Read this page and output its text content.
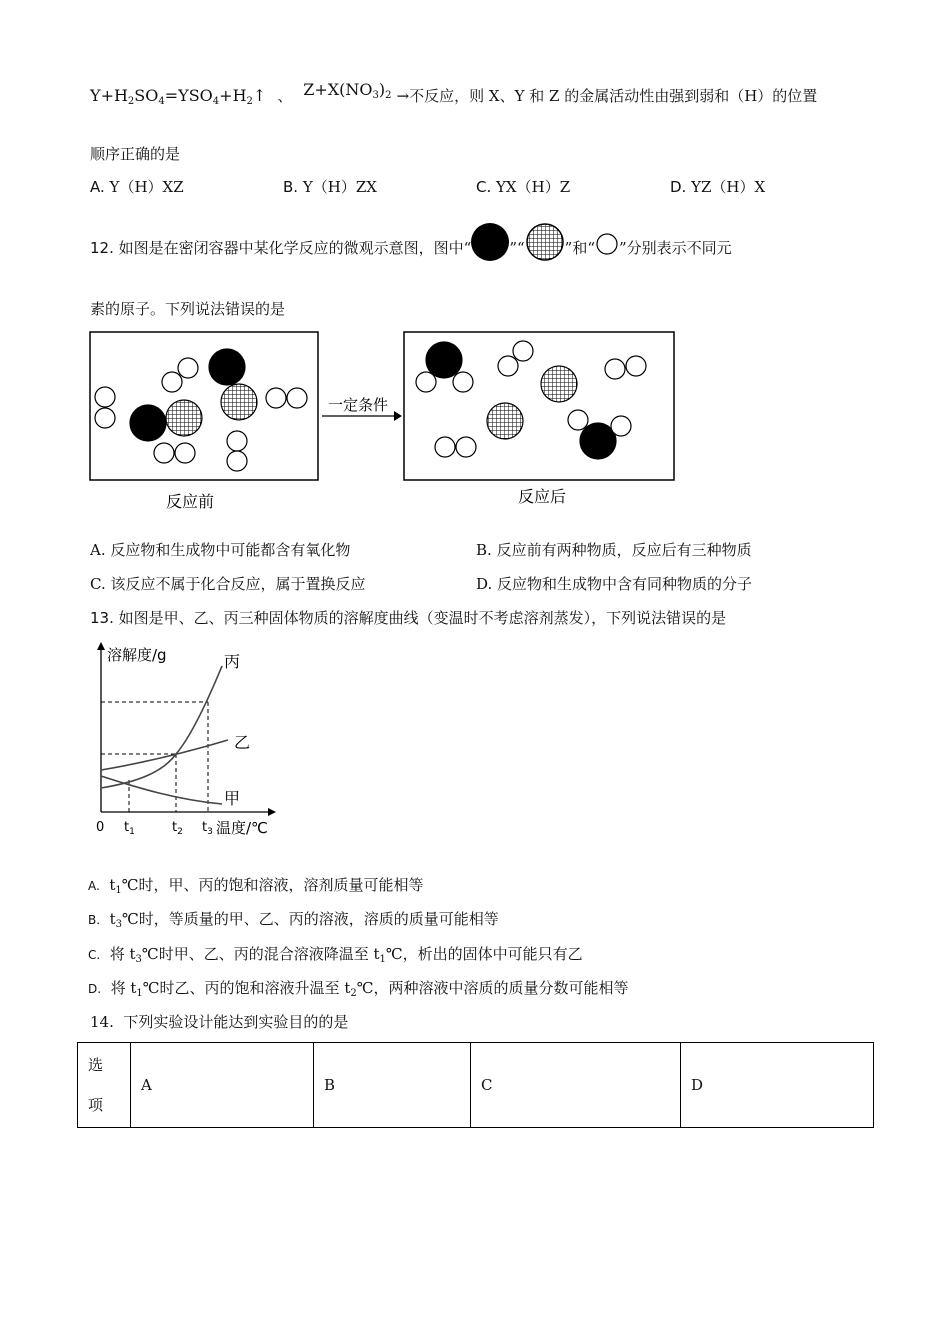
$Y+H_2SO_4=YSO_4+H_2↑$ 、 $Z+X(NO_3)_2$ →不反应，则 X、Y 和 Z 的金属活动性由强到弱和（H）的位置
顺序正确的是
A. Y（H）XZ	B. Y（H）ZX	C. YX（H）Z	D. YZ（H）X
12. 如图是在密闭容器中某化学反应的微观示意图，图中“	”“	”和“ ”分别表示不同元
素的原子。下列说法错误的是
一定条件
反应前	反应后
A. 反应物和生成物中可能都含有氧化物	B. 反应前有两种物质，反应后有三种物质
C. 该反应不属于化合反应，属于置换反应	D. 反应物和生成物中含有同种物质的分子
13. 如图是甲、乙、丙三种固体物质的溶解度曲线（变温时不考虑溶剂蒸发），下列说法错误的是
溶解度/g
温度/℃
0 $t_1$	$t_2$ $t_3$
丙
乙
甲
A. $t_1℃$时，甲、丙的饱和溶液，溶剂质量可能相等
B. $t_3℃$时，等质量的甲、乙、丙的溶液，溶质的质量可能相等
C. 将 $t_3℃$时甲、乙、丙的混合溶液降温至 $t_1℃$，析出的固体中可能只有乙
D. 将 $t_1℃$时乙、丙的饱和溶液升温至 $t_2℃$，两种溶液中溶质的质量分数可能相等
14. 下列实验设计能达到实验目的的是
选
项	A	B	C	D
